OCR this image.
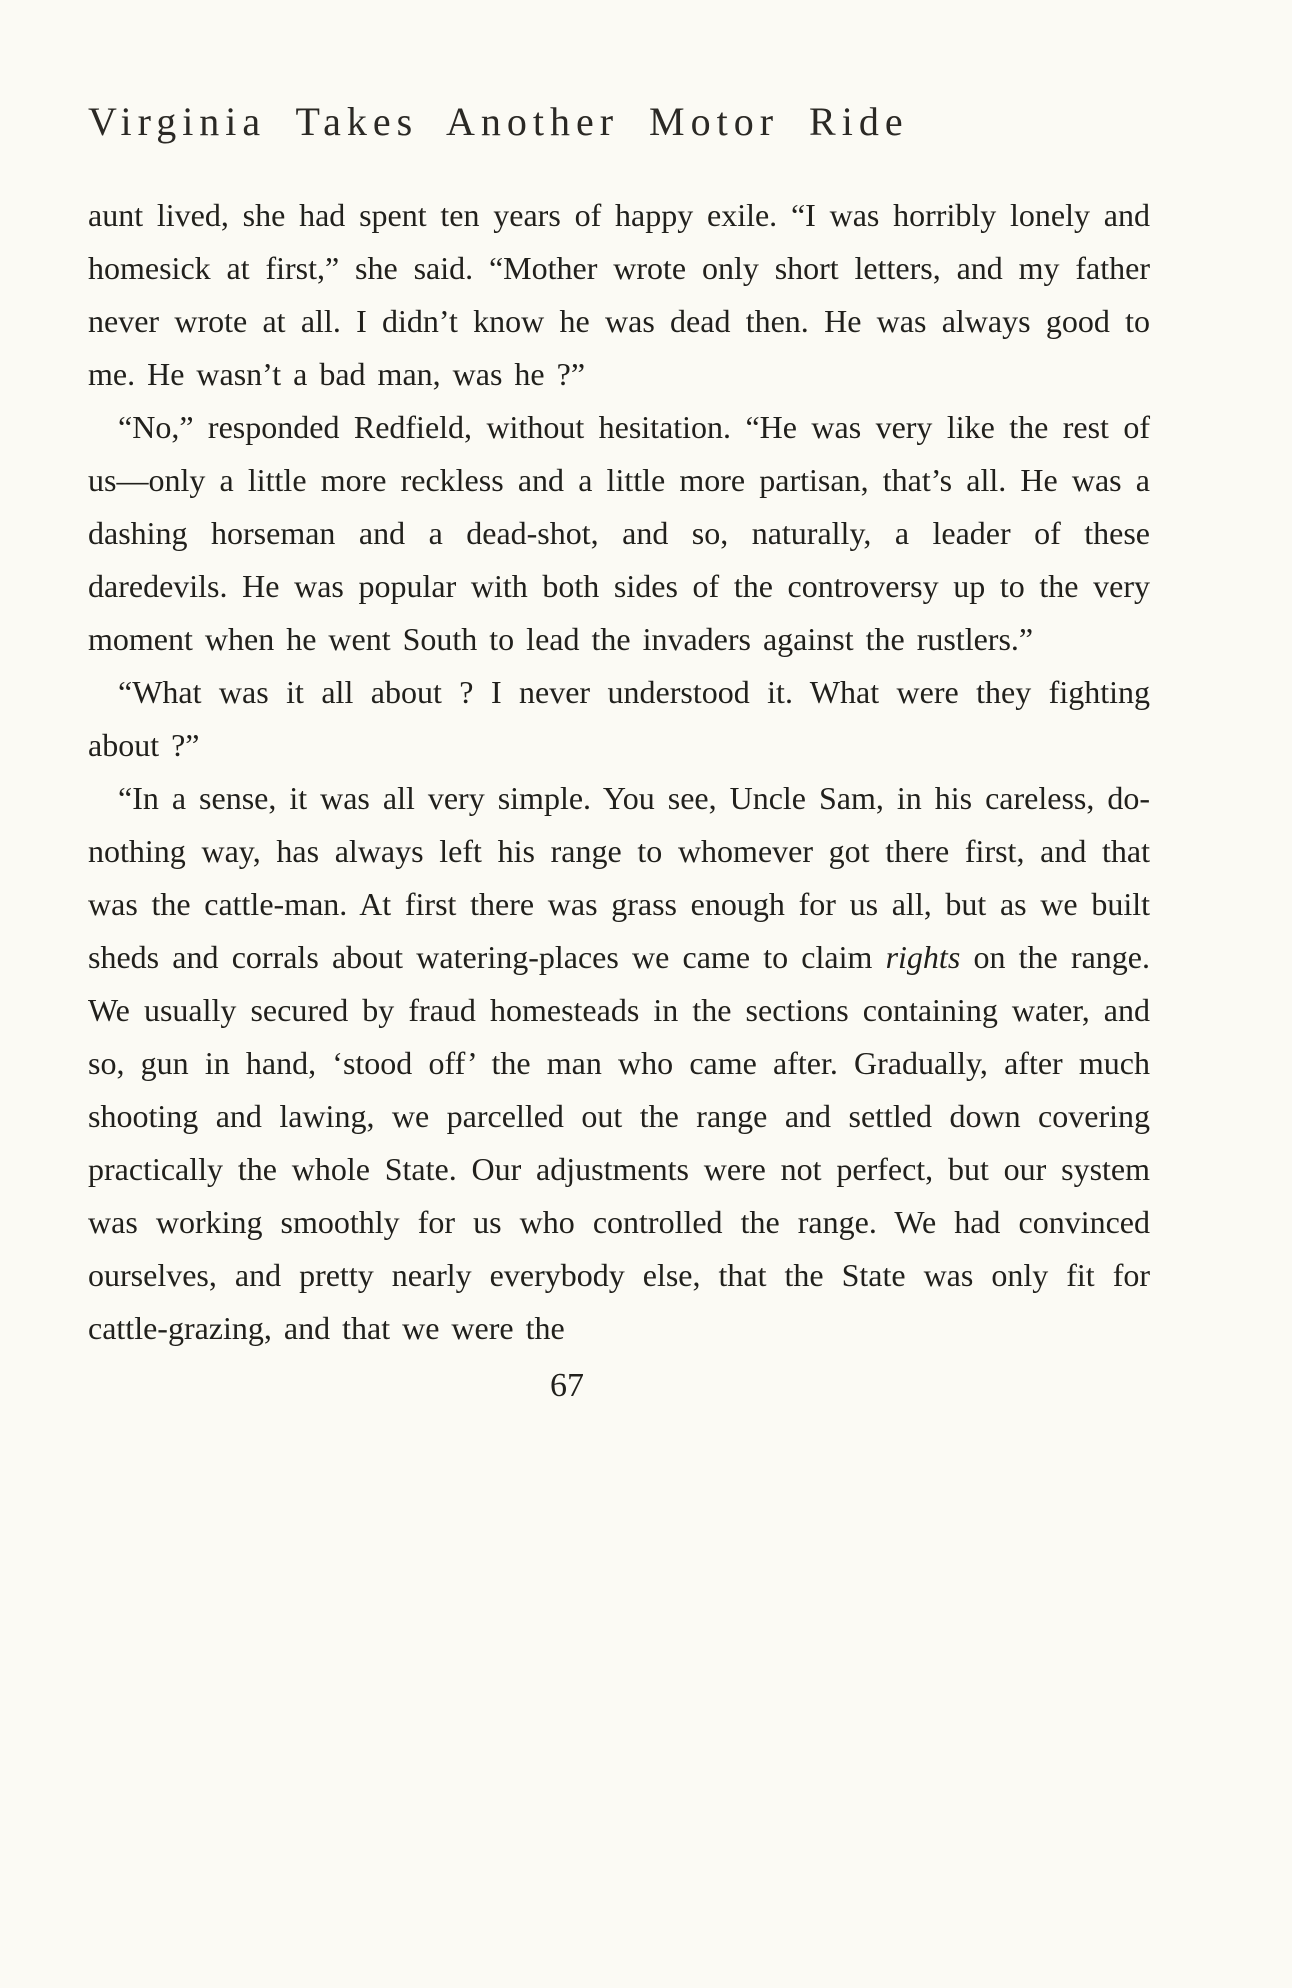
Virginia Takes Another Motor Ride

aunt lived, she had spent ten years of happy exile. “I was horribly lonely and homesick at first,” she said. “Mother wrote only short letters, and my father never wrote at all. I didn’t know he was dead then. He was always good to me. He wasn’t a bad man, was he ?”

“No,” responded Redfield, without hesitation. “He was very like the rest of us—only a little more reckless and a little more partisan, that’s all. He was a dashing horseman and a dead-shot, and so, naturally, a leader of these daredevils. He was popular with both sides of the controversy up to the very moment when he went South to lead the invaders against the rustlers.”

“What was it all about ? I never understood it. What were they fighting about ?”

“In a sense, it was all very simple. You see, Uncle Sam, in his careless, do-nothing way, has always left his range to whomever got there first, and that was the cattle-man. At first there was grass enough for us all, but as we built sheds and corrals about watering-places we came to claim rights on the range. We usually secured by fraud homesteads in the sections containing water, and so, gun in hand, ‘stood off’ the man who came after. Gradually, after much shooting and lawing, we parcelled out the range and settled down covering practically the whole State. Our adjustments were not perfect, but our system was working smoothly for us who controlled the range. We had convinced ourselves, and pretty nearly everybody else, that the State was only fit for cattle-grazing, and that we were the

67
